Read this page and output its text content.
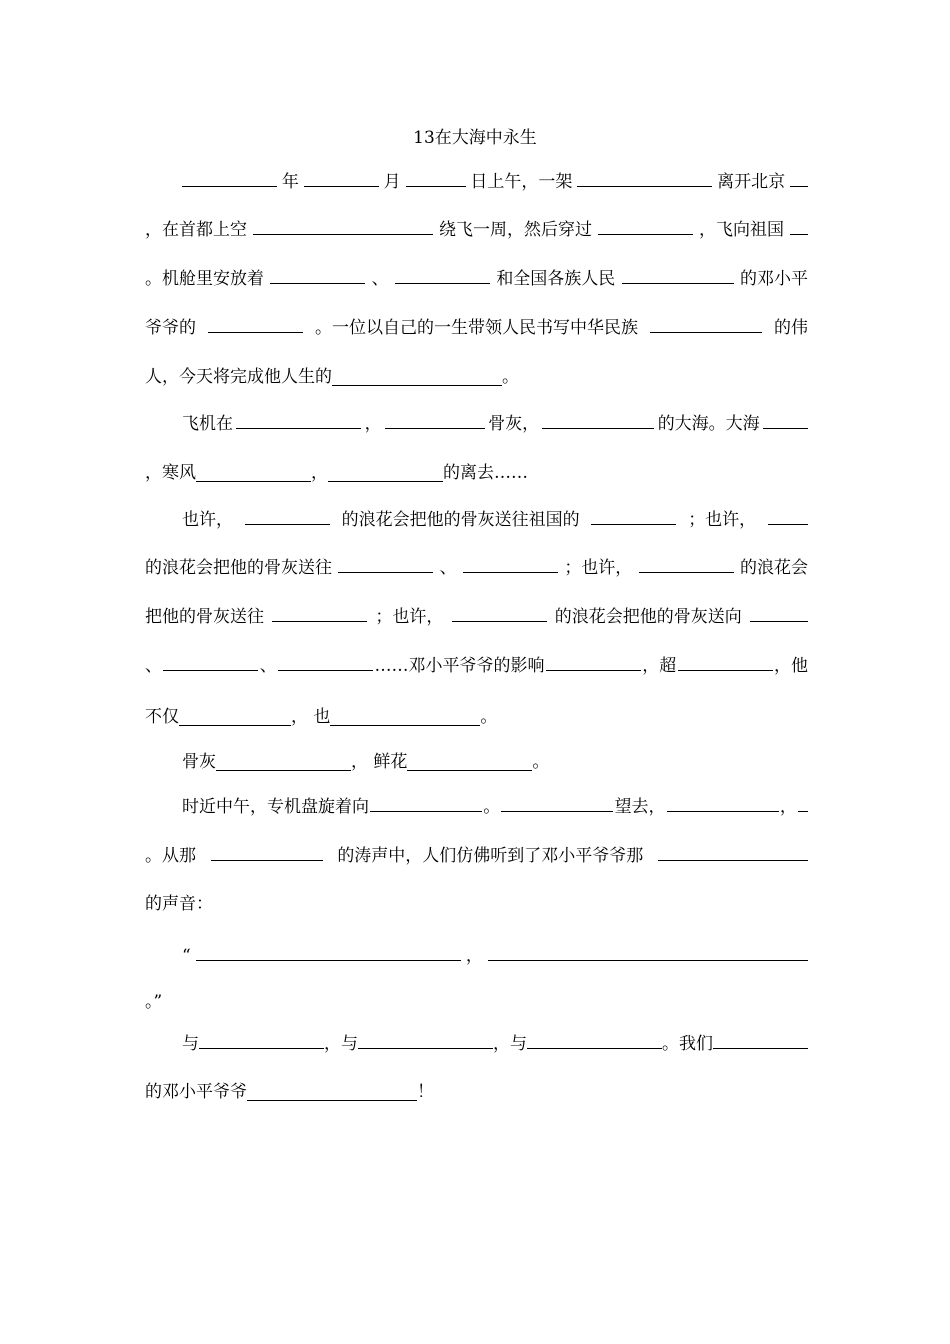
13在大海中永生
年	月	日上午，一架	离开北京
，在首都上空	绕飞一周，然后穿过	，飞向祖国
。机舱里安放着	、	和全国各族人民	的邓小平
爷爷的	。一位以自己的一生带领人民书写中华民族	的伟
人，今天将完成他人生的	。
飞机在	，	骨灰，	的大海。大海
，寒风	，	的离去……
也许，	的浪花会把他的骨灰送往祖国的	；也许，
的浪花会把他的骨灰送往	、	；也许，	的浪花会
把他的骨灰送往	；也许，	的浪花会把他的骨灰送向
、	、	……邓小平爷爷的影响	，超	，他
不仅	， 也	。
骨灰	， 鲜花	。
时近中午，专机盘旋着向	。	望去，	，
。从那	的涛声中，人们仿佛听到了邓小平爷爷那
的声音：
“	，
。”
与	，与	，与	。我们
的邓小平爷爷	！
